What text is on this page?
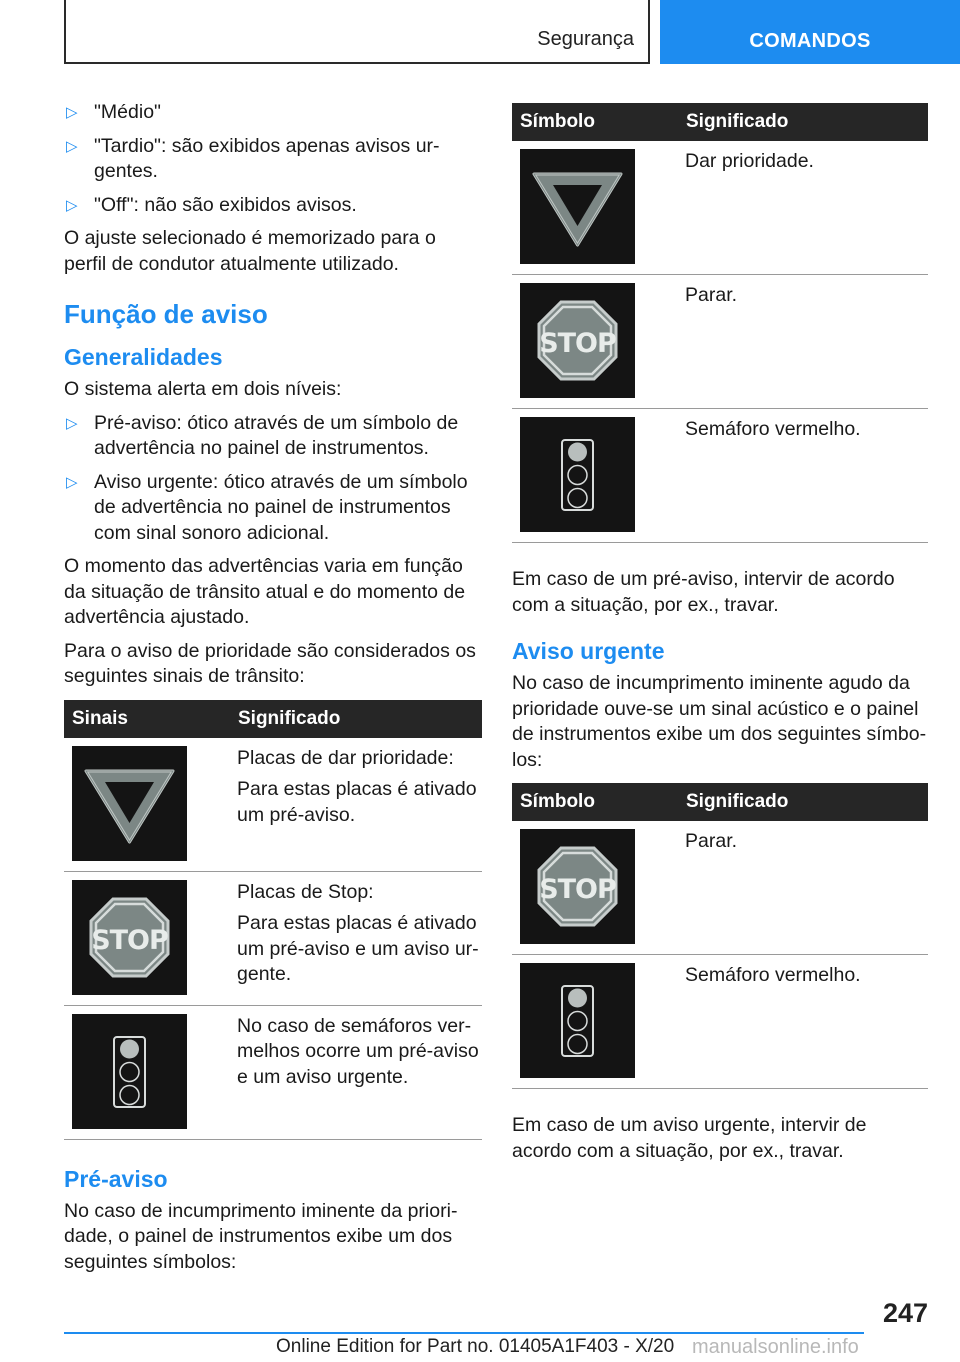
Segurança	COMANDOS
▷ "Médio"
▷ "Tardio": são exibidos apenas avisos urgentes.
▷ "Off": não são exibidos avisos.

O ajuste selecionado é memorizado para o perfil de condutor atualmente utilizado.

Função de aviso
Generalidades

O sistema alerta em dois níveis:

▷ Pré-aviso: ótico através de um símbolo de advertência no painel de instrumentos.
▷ Aviso urgente: ótico através de um símbolo de advertência no painel de instrumentos com sinal sonoro adicional.

O momento das advertências varia em função da situação de trânsito atual e do momento de advertência ajustado.

Para o aviso de prioridade são considerados os seguintes sinais de trânsito:

Sinais	Significado

Placas de dar prioridade:

Para estas placas é ativado um pré-aviso.

Placas de Stop:

Para estas placas é ativado um pré-aviso e um aviso urgente.

No caso de semáforos vermelhos ocorre um pré-aviso e um aviso urgente.

Pré-aviso

No caso de incumprimento iminente da prioridade, o painel de instrumentos exibe um dos seguintes símbolos:

Símbolo	Significado

	Dar prioridade.

	Parar.

	Semáforo vermelho.

Em caso de um pré-aviso, intervir de acordo com a situação, por ex., travar.

Aviso urgente

No caso de incumprimento iminente agudo da prioridade ouve-se um sinal acústico e o painel de instrumentos exibe um dos seguintes símbolos:

Símbolo	Significado

	Parar.

	Semáforo vermelho.

Em caso de um aviso urgente, intervir de acordo com a situação, por ex., travar.

247
Online Edition for Part no. 01405A1F403 - X/20 manualsonline.info
